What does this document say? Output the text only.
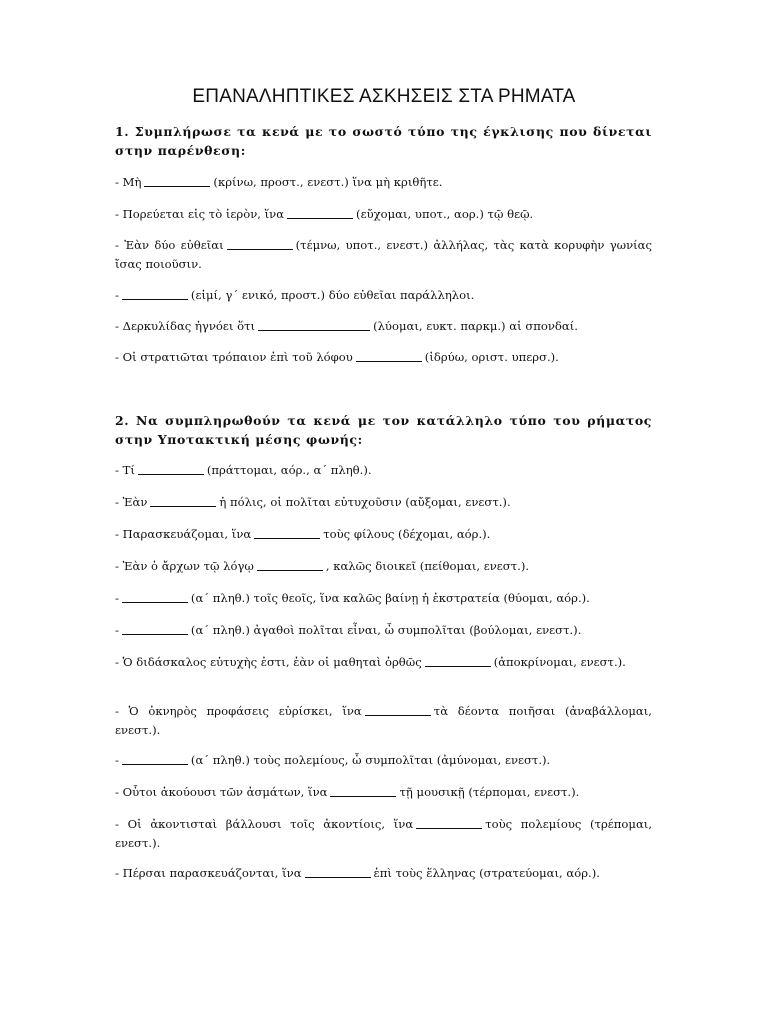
ΕΠΑΝΑΛΗΠΤΙΚΕΣ ΑΣΚΗΣΕΙΣ ΣΤΑ ΡΗΜΑΤΑ
1. Συμπλήρωσε τα κενά με το σωστό τύπο της έγκλισης που δίνεται στην παρένθεση:
- Μὴ	(κρίνω, προστ., ενεστ.) ἵνα μὴ κριθῆτε.
- Πορεύεται εἰς τὸ ἱερὸν, ἵνα	(εὔχομαι, υποτ., αορ.) τῷ θεῷ.
- Ἐὰν δύο εὐθεῖαι	(τέμνω, υποτ., ενεστ.) ἀλλήλας, τὰς κατὰ κορυφὴν γωνίας ἴσας ποιοῦσιν.
-	(εἰμί, γ΄ ενικό, προστ.) δύο εὐθεῖαι παράλληλοι.
- Δερκυλίδας ἠγνόει ὅτι	(λύομαι, ευκτ. παρκμ.) αἱ σπονδαί.
- Οἱ στρατιῶται τρόπαιον ἐπὶ τοῦ λόφου	(ἱδρύω, οριστ. υπερσ.).
2. Να συμπληρωθούν τα κενά με τον κατάλληλο τύπο του ρήματος στην Υποτακτική μέσης φωνής:
- Τί	(πράττομαι, αόρ., α΄ πληθ.).
- Ἐὰν	ἡ πόλις, οἱ πολῖται εὐτυχοῦσιν (αὔξομαι, ενεστ.).
- Παρασκευάζομαι, ἵνα	τοὺς φίλους (δέχομαι, αόρ.).
- Ἐὰν ὁ ἄρχων τῷ λόγῳ	, καλῶς διοικεῖ (πείθομαι, ενεστ.).
-	(α΄ πληθ.) τοῖς θεοῖς, ἵνα καλῶς βαίνῃ ἡ ἐκστρατεία (θύομαι, αόρ.).
-	(α΄ πληθ.) ἀγαθοὶ πολῖται εἶναι, ὦ συμπολῖται (βούλομαι, ενεστ.).
- Ὁ διδάσκαλος εὐτυχὴς ἐστι, ἐὰν οἱ μαθηταὶ ὀρθῶς	(ἀποκρίνομαι, ενεστ.).
- Ὁ ὀκνηρὸς προφάσεις εὑρίσκει, ἵνα	τὰ δέοντα ποιῆσαι (ἀναβάλλομαι, ενεστ.).
-	(α΄ πληθ.) τοὺς πολεμίους, ὦ συμπολῖται (ἀμύνομαι, ενεστ.).
- Οὗτοι ἀκούουσι τῶν ἀσμάτων, ἵνα	τῇ μουσικῇ (τέρπομαι, ενεστ.).
- Οἱ ἀκοντισταὶ βάλλουσι τοῖς ἀκοντίοις, ἵνα	τοὺς πολεμίους (τρέπομαι, ενεστ.).
- Πέρσαι παρασκευάζονται, ἵνα	ἐπὶ τοὺς ἕλληνας (στρατεύομαι, αόρ.).
